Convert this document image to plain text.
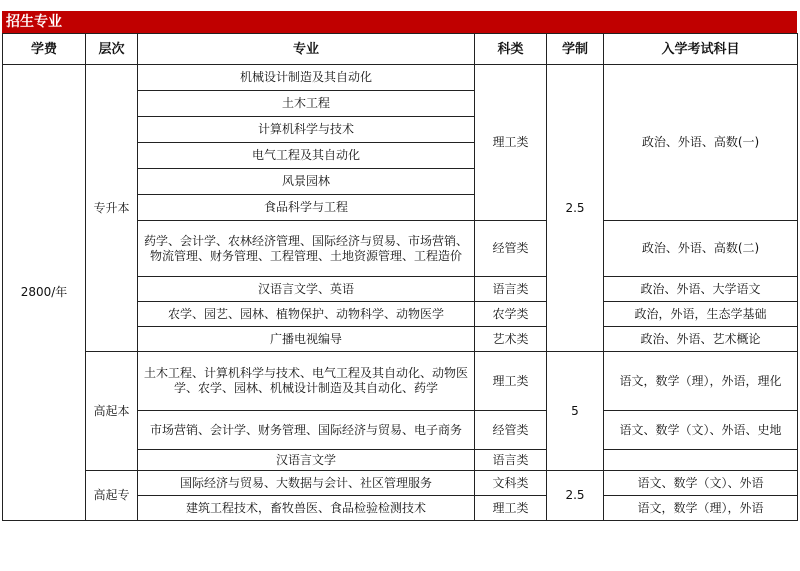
招生专业
学费	层次	专业	科类	学制	入学考试科目
2800/年	专升本	机械设计制造及其自动化	理工类	2.5	政治、外语、高数(一)
		土木工程			
		计算机科学与技术			
		电气工程及其自动化			
		风景园林			
		食品科学与工程			
		药学、会计学、农林经济管理、国际经济与贸易、市场营销、物流管理、财务管理、工程管理、土地资源管理、工程造价	经管类		政治、外语、高数(二)
		汉语言文学、英语	语言类		政治、外语、大学语文
		农学、园艺、园林、植物保护、动物科学、动物医学	农学类		政治，外语，生态学基础
		广播电视编导	艺术类		政治、外语、艺术概论
	高起本	土木工程、计算机科学与技术、电气工程及其自动化、动物医学、农学、园林、机械设计制造及其自动化、药学	理工类	5	语文，数学（理），外语，理化
		市场营销、会计学、财务管理、国际经济与贸易、电子商务	经管类		语文、数学（文）、外语、史地
		汉语言文学	语言类		
	高起专	国际经济与贸易、大数据与会计、社区管理服务	文科类	2.5	语文、数学（文）、外语
		建筑工程技术，畜牧兽医、食品检验检测技术	理工类		语文，数学（理），外语
